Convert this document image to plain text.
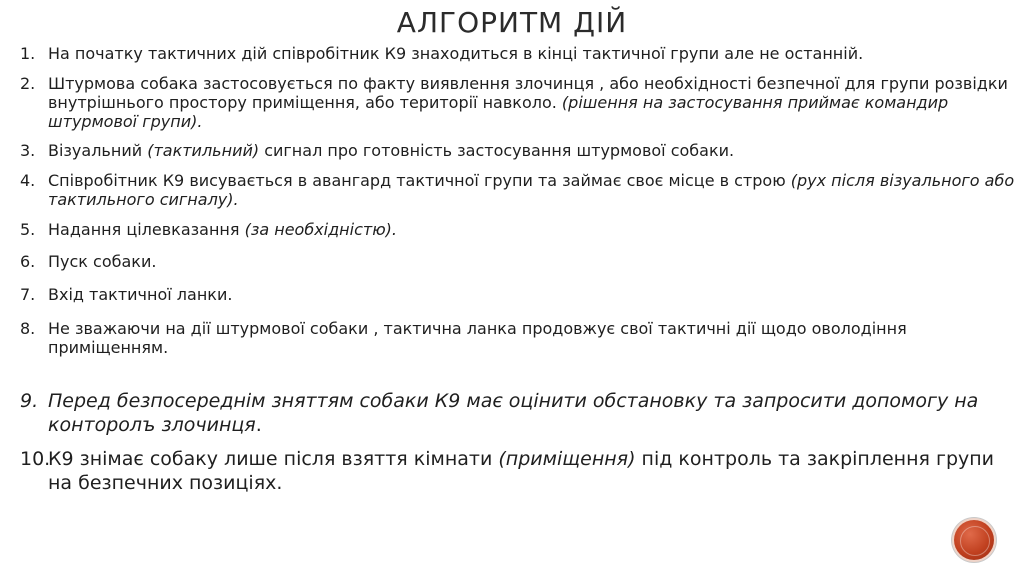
АЛГОРИТМ ДІЙ
1. На початку тактичних дій співробітник К9 знаходиться в кінці тактичної групи але не останній.
2. Штурмова собака застосовується по факту виявлення злочинця , або необхідності безпечної для групи розвідки внутрішнього простору приміщення, або території навколо. (рішення на застосування приймає командир штурмової групи).
3. Візуальний (тактильний) сигнал про готовність застосування штурмової собаки.
4. Співробітник К9 висувається в авангард тактичної групи та займає своє місце в строю (рух після візуального або тактильного сигналу).
5. Надання цілевказання (за необхідністю).
6. Пуск собаки.
7. Вхід тактичної ланки.
8. Не зважаючи на дії штурмової собаки , тактична ланка продовжує свої тактичні дії щодо оволодіння приміщенням.
9. Перед безпосереднім зняттям собаки К9 має оцінити обстановку та запросити допомогу на конторолъ злочинця.
10.
К9 знімає собаку лише після взяття кімнати (приміщення) під контроль та закріплення групи на безпечних позиціях.
